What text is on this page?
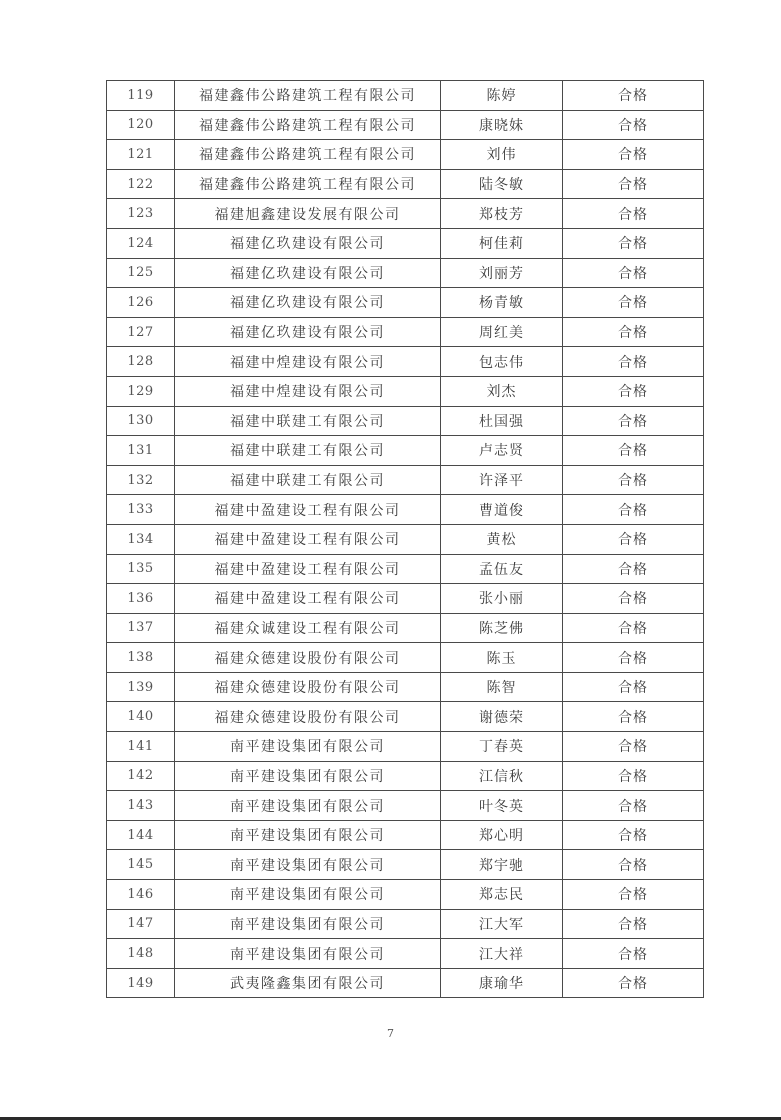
119	福建鑫伟公路建筑工程有限公司	陈婷	合格
120	福建鑫伟公路建筑工程有限公司	康晓妹	合格
121	福建鑫伟公路建筑工程有限公司	刘伟	合格
122	福建鑫伟公路建筑工程有限公司	陆冬敏	合格
123	福建旭鑫建设发展有限公司	郑枝芳	合格
124	福建亿玖建设有限公司	柯佳莉	合格
125	福建亿玖建设有限公司	刘丽芳	合格
126	福建亿玖建设有限公司	杨青敏	合格
127	福建亿玖建设有限公司	周红美	合格
128	福建中煌建设有限公司	包志伟	合格
129	福建中煌建设有限公司	刘杰	合格
130	福建中联建工有限公司	杜国强	合格
131	福建中联建工有限公司	卢志贤	合格
132	福建中联建工有限公司	许泽平	合格
133	福建中盈建设工程有限公司	曹道俊	合格
134	福建中盈建设工程有限公司	黄松	合格
135	福建中盈建设工程有限公司	孟伍友	合格
136	福建中盈建设工程有限公司	张小丽	合格
137	福建众诚建设工程有限公司	陈芝佛	合格
138	福建众德建设股份有限公司	陈玉	合格
139	福建众德建设股份有限公司	陈智	合格
140	福建众德建设股份有限公司	谢德荣	合格
141	南平建设集团有限公司	丁春英	合格
142	南平建设集团有限公司	江信秋	合格
143	南平建设集团有限公司	叶冬英	合格
144	南平建设集团有限公司	郑心明	合格
145	南平建设集团有限公司	郑宇驰	合格
146	南平建设集团有限公司	郑志民	合格
147	南平建设集团有限公司	江大军	合格
148	南平建设集团有限公司	江大祥	合格
149	武夷隆鑫集团有限公司	康瑜华	合格
7
